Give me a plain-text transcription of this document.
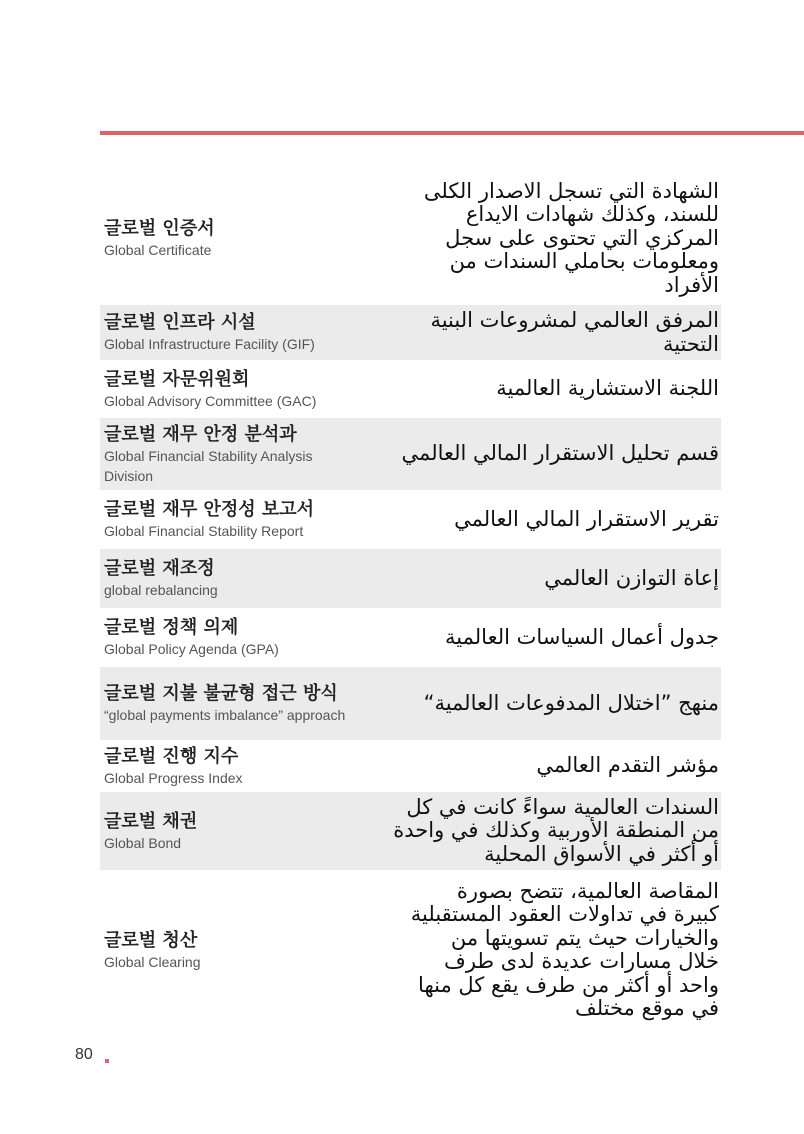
글로벌 인증서
Global Certificate
الشهادة التي تسجل الاصدار الكلى
للسند، وكذلك شهادات الايداع
المركزي التي تحتوى على سجل
ومعلومات بحاملي السندات من
الأفراد
글로벌 인프라 시설
Global Infrastructure Facility (GIF)
المرفق العالمي لمشروعات البنية
التحتية
글로벌 자문위원회
Global Advisory Committee (GAC)
اللجنة الاستشارية العالمية
글로벌 재무 안정 분석과
Global Financial Stability Analysis Division
قسم تحليل الاستقرار المالي العالمي
글로벌 재무 안정성 보고서
Global Financial Stability Report
تقرير الاستقرار المالي العالمي
글로벌 재조정
global rebalancing
إعاة التوازن العالمي
글로벌 정책 의제
Global Policy Agenda (GPA)
جدول أعمال السياسات العالمية
글로벌 지불 불균형 접근 방식
“global payments imbalance” approach
منهج ”اختلال المدفوعات العالمية“
글로벌 진행 지수
Global Progress Index
مؤشر التقدم العالمي
글로벌 채권
Global Bond
السندات العالمية سواءً كانت في كل
من المنطقة الأوربية وكذلك في واحدة
أو أكثر في الأسواق المحلية
글로벌 청산
Global Clearing
المقاصة العالمية، تتضح بصورة
كبيرة في تداولات العقود المستقبلية
والخيارات حيث يتم تسويتها من
خلال مسارات عديدة لدى طرف
واحد أو أكثر من طرف يقع كل منها
في موقع مختلف
80
